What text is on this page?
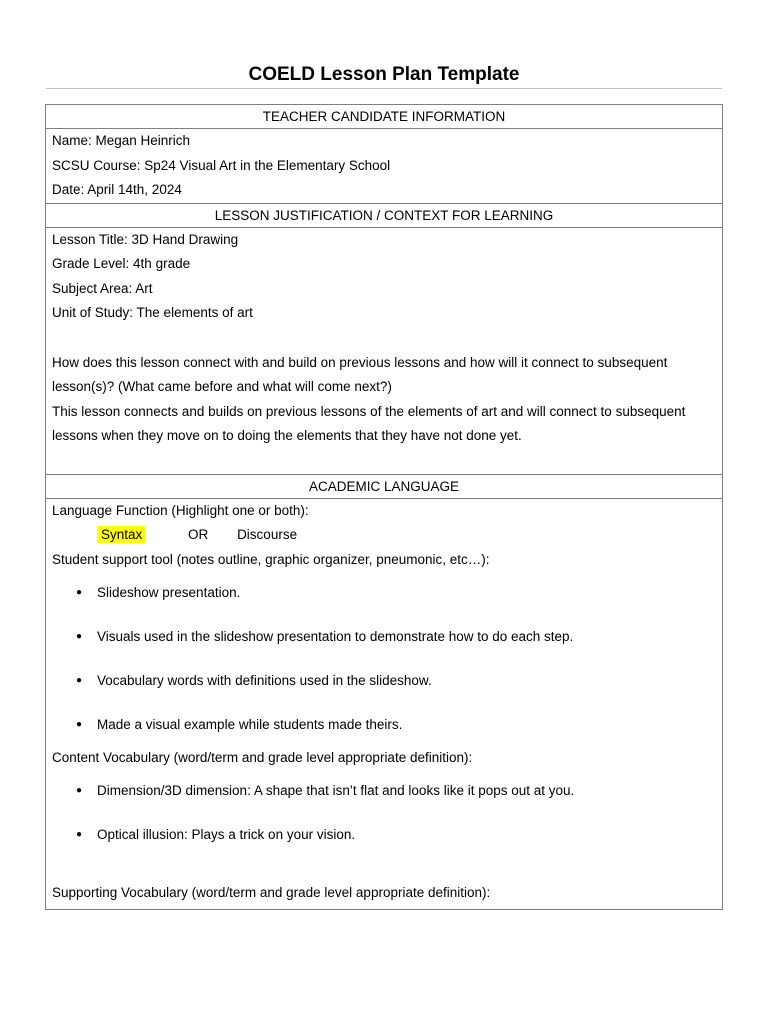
COELD Lesson Plan Template
TEACHER CANDIDATE INFORMATION
Name: Megan Heinrich
SCSU Course: Sp24 Visual Art in the Elementary School
Date: April 14th, 2024
LESSON JUSTIFICATION / CONTEXT FOR LEARNING
Lesson Title: 3D Hand Drawing
Grade Level: 4th grade
Subject Area: Art
Unit of Study: The elements of art
How does this lesson connect with and build on previous lessons and how will it connect to subsequent
lesson(s)? (What came before and what will come next?)
This lesson connects and builds on previous lessons of the elements of art and will connect to subsequent
lessons when they move on to doing the elements that they have not done yet.
ACADEMIC LANGUAGE
Language Function (Highlight one or both):
Syntax	OR Discourse
Student support tool (notes outline, graphic organizer, pneumonic, etc…):
● Slideshow presentation.
● Visuals used in the slideshow presentation to demonstrate how to do each step.
● Vocabulary words with definitions used in the slideshow.
● Made a visual example while students made theirs.
Content Vocabulary (word/term and grade level appropriate definition):
● Dimension/3D dimension: A shape that isn’t flat and looks like it pops out at you.
● Optical illusion: Plays a trick on your vision.
Supporting Vocabulary (word/term and grade level appropriate definition):
